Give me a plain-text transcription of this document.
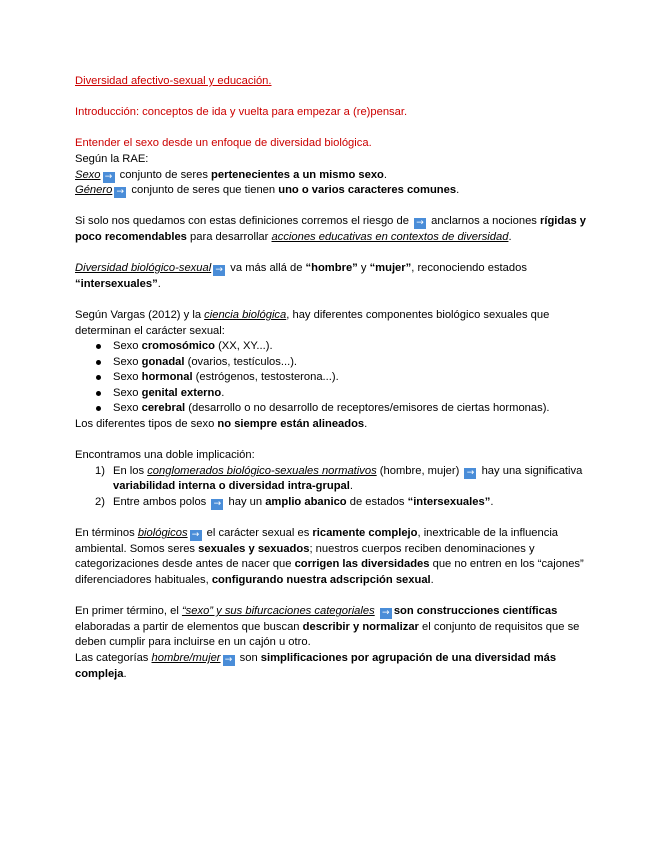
Diversidad afectivo-sexual y educación.
Introducción: conceptos de ida y vuelta para empezar a (re)pensar.
Entender el sexo desde un enfoque de diversidad biológica.
Según la RAE:
Sexo → conjunto de seres pertenecientes a un mismo sexo.
Género → conjunto de seres que tienen uno o varios caracteres comunes.
Si solo nos quedamos con estas definiciones corremos el riesgo de → anclarnos a nociones rígidas y poco recomendables para desarrollar acciones educativas en contextos de diversidad.
Diversidad biológico-sexual → va más allá de “hombre” y “mujer”, reconociendo estados “intersexuales”.
Según Vargas (2012) y la ciencia biológica, hay diferentes componentes biológico sexuales que determinan el carácter sexual:
Sexo cromosómico (XX, XY...).
Sexo gonadal (ovarios, testículos...).
Sexo hormonal (estrógenos, testosterona...).
Sexo genital externo.
Sexo cerebral (desarrollo o no desarrollo de receptores/emisores de ciertas hormonas).
Los diferentes tipos de sexo no siempre están alineados.
Encontramos una doble implicación:
1) En los conglomerados biológico-sexuales normativos (hombre, mujer) → hay una significativa variabilidad interna o diversidad intra-grupal.
2) Entre ambos polos → hay un amplio abanico de estados “intersexuales”.
En términos biológicos → el carácter sexual es ricamente complejo, inextricable de la influencia ambiental. Somos seres sexuales y sexuados; nuestros cuerpos reciben denominaciones y categorizaciones desde antes de nacer que corrigen las diversidades que no entren en los “cajones” diferenciadores habituales, configurando nuestra adscripción sexual.
En primer término, el “sexo” y sus bifurcaciones categoriales → son construcciones científicas elaboradas a partir de elementos que buscan describir y normalizar el conjunto de requisitos que se deben cumplir para incluirse en un cajón u otro.
Las categorías hombre/mujer → son simplificaciones por agrupación de una diversidad más compleja.
